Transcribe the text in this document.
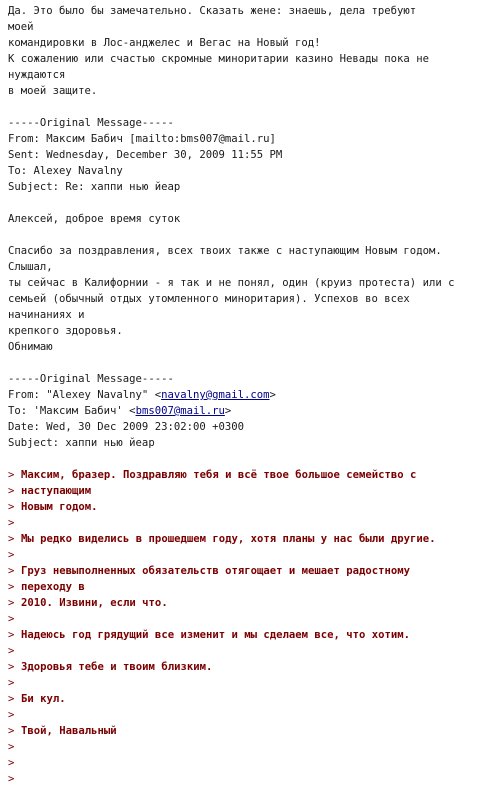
Да. Это было бы замечательно. Сказать жене: знаешь, дела требуют
моей
командировки в Лос-анджелес и Вегас на Новый год!
К сожалению или счастью скромные миноритарии казино Невады пока не
нуждаются
в моей защите.
-----Original Message-----
From: Максим Бабич [mailto:bms007@mail.ru]
Sent: Wednesday, December 30, 2009 11:55 PM
To: Alexey Navalny
Subject: Re: хаппи нью йеар
Алексей, доброе время суток
Спасибо за поздравления, всех твоих также с наступающим Новым годом.
Слышал,
ты сейчас в Калифорнии - я так и не понял, один (круиз протеста) или с
семьей (обычный отдых утомленного миноритария). Успехов во всех
начинаниях и
крепкого здоровья.
Обнимаю
-----Original Message-----
From: "Alexey Navalny" <navalny@gmail.com>
To: 'Максим Бабич' <bms007@mail.ru>
Date: Wed, 30 Dec 2009 23:02:00 +0300
Subject: хаппи нью йеар
> Максим, бразер. Поздравляю тебя и всё твое большое семейство с
> наступающим
> Новым годом.
>
> Мы редко виделись в прошедшем году, хотя планы у нас были другие.
>
> Груз невыполненных обязательств отягощает и мешает радостному
> переходу в
> 2010. Извини, если что.
>
> Надеюсь год грядущий все изменит и мы сделаем все, что хотим.
>
> Здоровья тебе и твоим близким.
>
> Би кул.
>
> Твой, Навальный
>
>
>
